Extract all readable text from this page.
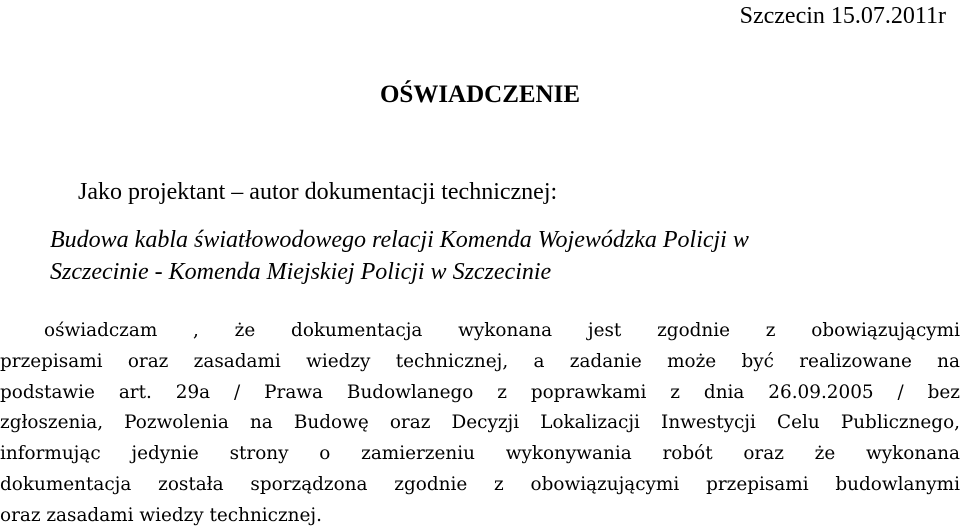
Szczecin 15.07.2011r
OŚWIADCZENIE
Jako projektant – autor dokumentacji technicznej:
Budowa kabla światłowodowego relacji Komenda Wojewódzka Policji w
Szczecinie - Komenda Miejskiej Policji w Szczecinie
oświadczam , że dokumentacja wykonana jest zgodnie z obowiązującymi
przepisami oraz zasadami wiedzy technicznej, a zadanie może być realizowane na
podstawie art. 29a / Prawa Budowlanego z poprawkami z dnia 26.09.2005 / bez
zgłoszenia, Pozwolenia na Budowę oraz Decyzji Lokalizacji Inwestycji Celu Publicznego,
informując jedynie strony o zamierzeniu wykonywania robót oraz że wykonana
dokumentacja została sporządzona zgodnie z obowiązującymi przepisami budowlanymi
oraz zasadami wiedzy technicznej.
